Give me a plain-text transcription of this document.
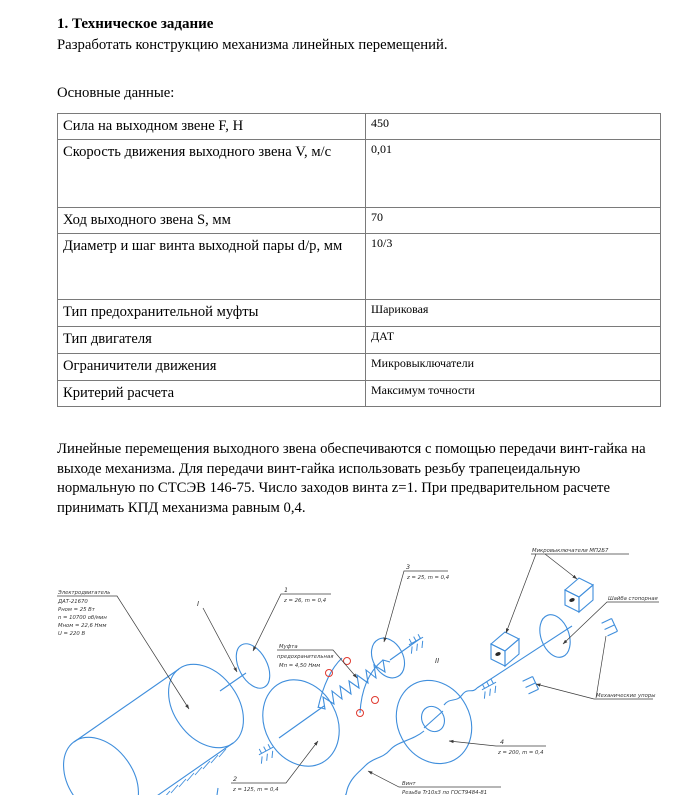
1. Техническое задание
Разработать конструкцию механизма линейных перемещений.
Основные данные:
Сила на выходном звене F, Н	450
Скорость движения выходного звена V, м/с	0,01
Ход выходного звена S, мм	70
Диаметр и шаг винта выходной пары d/p, мм	10/3
Тип предохранительной муфты	Шариковая
Тип двигателя	ДАТ
Ограничители движения	Микровыключатели
Критерий расчета	Максимум точности
Линейные перемещения выходного звена обеспечиваются с помощью передачи винт-гайка на выходе механизма. Для передачи винт-гайка использовать резьбу трапецеидальную нормальную по СТСЭВ 146-75. Число заходов винта z=1. При предварительном расчете принимать КПД механизма равным 0,4.
Электродвигатель
ДАТ-21670
Pном = 25 Вт
n = 10700 об/мин
Мном = 22,6 Нмм
U = 220 В
I
II
1
z = 26, m = 0,4
2
z = 125, m = 0,4
3
z = 25, m = 0,4
4
z = 200, m = 0,4
Муфта
предохранительная
Мп = 4,50 Нмм
Микровыключатели МП2Б7
Шайба стопорная
Механические упоры
Винт
Резьба Tr10x3 по ГОСТ9484-81
